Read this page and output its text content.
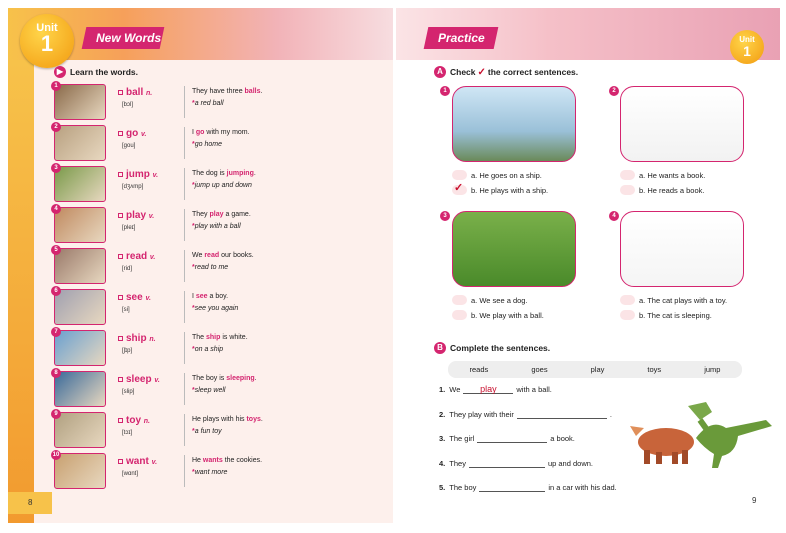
Unit
1	New Words
▶ Learn the words.
1
ball n.
[bɔl]
They have three balls.
*a red ball
2
go v.
[gou]
I go with my mom.
*go home
3
jump v.
[dʒʌmp]
The dog is jumping.
*jump up and down
4
play v.
[pleɪ]
They play a game.
*play with a ball
5
read v.
[rid]
We read our books.
*read to me
6
see v.
[si]
I see a boy.
*see you again
7
ship n.
[ʃɪp]
The ship is white.
*on a ship
8
sleep v.
[slip]
The boy is sleeping.
*sleep well
9
toy n.
[tɔɪ]
He plays with his toys.
*a fun toy
10
want v.
[wɑnt]
He wants the cookies.
*want more
8
Practice	Unit
1
A Check ✓ the correct sentences.
1
a. He goes on a ship.
✓ b. He plays with a ship.
2
a. He wants a book.
b. He reads a book.
3
a. We see a dog.
b. We play with a ball.
4
a. The cat plays with a toy.
b. The cat is sleeping.
B Complete the sentences.
reads	goes	play	toys	jump
1. We	play	with a ball.
2. They play with their	.
3. The girl	a book.
4. They	up and down.
5. The boy	in a car with his dad.
9
